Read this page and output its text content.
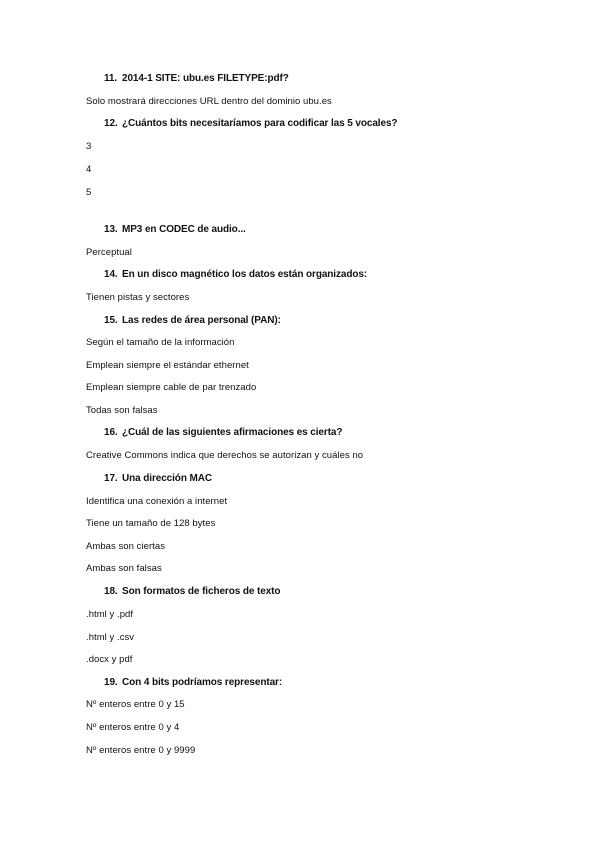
11. 2014-1 SITE: ubu.es FILETYPE:pdf?
Solo mostrará direcciones URL dentro del dominio ubu.es
12. ¿Cuántos bits necesitaríamos para codificar las 5 vocales?
3
4
5
13. MP3 en CODEC de audio...
Perceptual
14. En un disco magnético los datos están organizados:
Tienen pistas y sectores
15. Las redes de área personal (PAN):
Según el tamaño de la información
Emplean siempre el estándar ethernet
Emplean siempre cable de par trenzado
Todas son falsas
16. ¿Cuál de las siguientes afirmaciones es cierta?
Creative Commons indica que derechos se autorizan y cuáles no
17. Una dirección MAC
Identifica una conexión a internet
Tiene un tamaño de 128 bytes
Ambas son ciertas
Ambas son falsas
18. Son formatos de ficheros de texto
.html y .pdf
.html y .csv
.docx y pdf
19. Con 4 bits podríamos representar:
Nº enteros entre 0 y 15
Nº enteros entre 0 y 4
Nº enteros entre 0 y 9999
